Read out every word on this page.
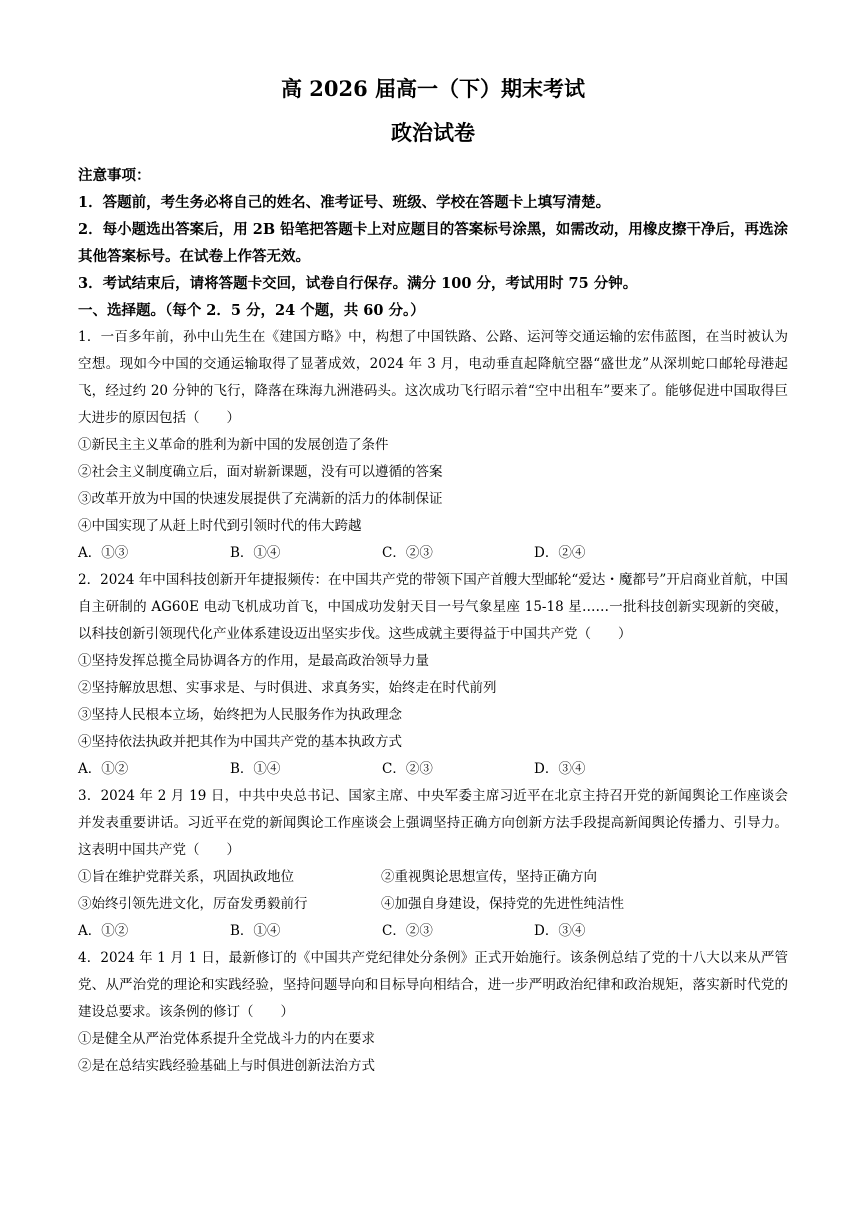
高 2026 届高一（下）期末考试

政治试卷

注意事项：

1．答题前，考生务必将自己的姓名、准考证号、班级、学校在答题卡上填写清楚。

2．每小题选出答案后，用 2B 铅笔把答题卡上对应题目的答案标号涂黑，如需改动，用橡皮擦干净后，再选涂其他答案标号。在试卷上作答无效。

3．考试结束后，请将答题卡交回，试卷自行保存。满分 100 分，考试用时 75 分钟。

一、选择题。（每个 2．5 分，24 个题，共 60 分。）

1．一百多年前，孙中山先生在《建国方略》中，构想了中国铁路、公路、运河等交通运输的宏伟蓝图，在当时被认为空想。现如今中国的交通运输取得了显著成效，2024 年 3 月，电动垂直起降航空器“盛世龙”从深圳蛇口邮轮母港起飞，经过约 20 分钟的飞行，降落在珠海九洲港码头。这次成功飞行昭示着“空中出租车”要来了。能够促进中国取得巨大进步的原因包括（　　）

①新民主主义革命的胜利为新中国的发展创造了条件

②社会主义制度确立后，面对崭新课题，没有可以遵循的答案

③改革开放为中国的快速发展提供了充满新的活力的体制保证

④中国实现了从赶上时代到引领时代的伟大跨越

A．①③	B．①④	C．②③	D．②④

2．2024 年中国科技创新开年捷报频传：在中国共产党的带领下国产首艘大型邮轮“爱达・魔都号”开启商业首航，中国自主研制的 AG60E 电动飞机成功首飞，中国成功发射天目一号气象星座 15-18 星……一批科技创新实现新的突破，以科技创新引领现代化产业体系建设迈出坚实步伐。这些成就主要得益于中国共产党（　　）

①坚持发挥总揽全局协调各方的作用，是最高政治领导力量

②坚持解放思想、实事求是、与时俱进、求真务实，始终走在时代前列

③坚持人民根本立场，始终把为人民服务作为执政理念

④坚持依法执政并把其作为中国共产党的基本执政方式

A．①②	B．①④	C．②③	D．③④

3．2024 年 2 月 19 日，中共中央总书记、国家主席、中央军委主席习近平在北京主持召开党的新闻舆论工作座谈会并发表重要讲话。习近平在党的新闻舆论工作座谈会上强调坚持正确方向创新方法手段提高新闻舆论传播力、引导力。这表明中国共产党（　　）

①旨在维护党群关系，巩固执政地位	②重视舆论思想宣传，坚持正确方向
③始终引领先进文化，厉奋发勇毅前行	④加强自身建设，保持党的先进性纯洁性
A．①②	B．①④	C．②③	D．③④

4．2024 年 1 月 1 日，最新修订的《中国共产党纪律处分条例》正式开始施行。该条例总结了党的十八大以来从严管党、从严治党的理论和实践经验，坚持问题导向和目标导向相结合，进一步严明政治纪律和政治规矩，落实新时代党的建设总要求。该条例的修订（　　）

①是健全从严治党体系提升全党战斗力的内在要求

②是在总结实践经验基础上与时俱进创新法治方式
